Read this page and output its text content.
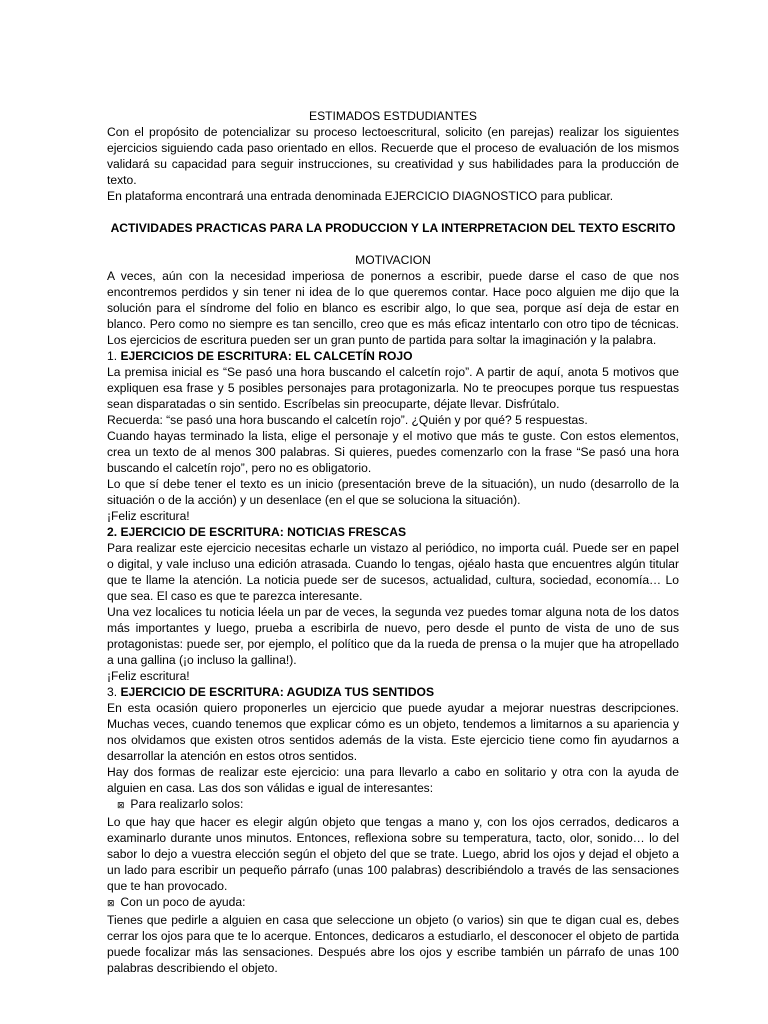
ESTIMADOS ESTDUDIANTES

Con el propósito de potencializar su proceso lectoescritural, solicito (en parejas) realizar los siguientes ejercicios siguiendo cada paso orientado en ellos. Recuerde que el proceso de evaluación de los mismos validará su capacidad para seguir instrucciones, su creatividad y sus habilidades para la producción de texto.

En plataforma encontrará una entrada denominada EJERCICIO DIAGNOSTICO para publicar.

ACTIVIDADES PRACTICAS PARA LA PRODUCCION Y LA INTERPRETACION DEL TEXTO ESCRITO

MOTIVACION

A veces, aún con la necesidad imperiosa de ponernos a escribir, puede darse el caso de que nos encontremos perdidos y sin tener ni idea de lo que queremos contar. Hace poco alguien me dijo que la solución para el síndrome del folio en blanco es escribir algo, lo que sea, porque así deja de estar en blanco. Pero como no siempre es tan sencillo, creo que es más eficaz intentarlo con otro tipo de técnicas. Los ejercicios de escritura pueden ser un gran punto de partida para soltar la imaginación y la palabra.

1. EJERCICIOS DE ESCRITURA: EL CALCETÍN ROJO

La premisa inicial es “Se pasó una hora buscando el calcetín rojo”. A partir de aquí, anota 5 motivos que expliquen esa frase y 5 posibles personajes para protagonizarla. No te preocupes porque tus respuestas sean disparatadas o sin sentido. Escríbelas sin preocuparte, déjate llevar. Disfrútalo.

Recuerda: “se pasó una hora buscando el calcetín rojo”. ¿Quién y por qué? 5 respuestas.

Cuando hayas terminado la lista, elige el personaje y el motivo que más te guste. Con estos elementos, crea un texto de al menos 300 palabras. Si quieres, puedes comenzarlo con la frase “Se pasó una hora buscando el calcetín rojo”, pero no es obligatorio.

Lo que sí debe tener el texto es un inicio (presentación breve de la situación), un nudo (desarrollo de la situación o de la acción) y un desenlace (en el que se soluciona la situación).

¡Feliz escritura!

2. EJERCICIO DE ESCRITURA: NOTICIAS FRESCAS

Para realizar este ejercicio necesitas echarle un vistazo al periódico, no importa cuál. Puede ser en papel o digital, y vale incluso una edición atrasada. Cuando lo tengas, ojéalo hasta que encuentres algún titular que te llame la atención. La noticia puede ser de sucesos, actualidad, cultura, sociedad, economía… Lo que sea. El caso es que te parezca interesante.

Una vez localices tu noticia léela un par de veces, la segunda vez puedes tomar alguna nota de los datos más importantes y luego, prueba a escribirla de nuevo, pero desde el punto de vista de uno de sus protagonistas: puede ser, por ejemplo, el político que da la rueda de prensa o la mujer que ha atropellado a una gallina (¡o incluso la gallina!).

¡Feliz escritura!

3. EJERCICIO DE ESCRITURA: AGUDIZA TUS SENTIDOS

En esta ocasión quiero proponerles un ejercicio que puede ayudar a mejorar nuestras descripciones. Muchas veces, cuando tenemos que explicar cómo es un objeto, tendemos a limitarnos a su apariencia y nos olvidamos que existen otros sentidos además de la vista. Este ejercicio tiene como fin ayudarnos a desarrollar la atención en estos otros sentidos.

Hay dos formas de realizar este ejercicio: una para llevarlo a cabo en solitario y otra con la ayuda de alguien en casa. Las dos son válidas e igual de interesantes:

⊠ Para realizarlo solos:

Lo que hay que hacer es elegir algún objeto que tengas a mano y, con los ojos cerrados, dedicaros a examinarlo durante unos minutos. Entonces, reflexiona sobre su temperatura, tacto, olor, sonido… lo del sabor lo dejo a vuestra elección según el objeto del que se trate. Luego, abrid los ojos y dejad el objeto a un lado para escribir un pequeño párrafo (unas 100 palabras) describiéndolo a través de las sensaciones que te han provocado.

⊠ Con un poco de ayuda:

Tienes que pedirle a alguien en casa que seleccione un objeto (o varios) sin que te digan cual es, debes cerrar los ojos para que te lo acerque. Entonces, dedicaros a estudiarlo, el desconocer el objeto de partida puede focalizar más las sensaciones. Después abre los ojos y escribe también un párrafo de unas 100 palabras describiendo el objeto.
